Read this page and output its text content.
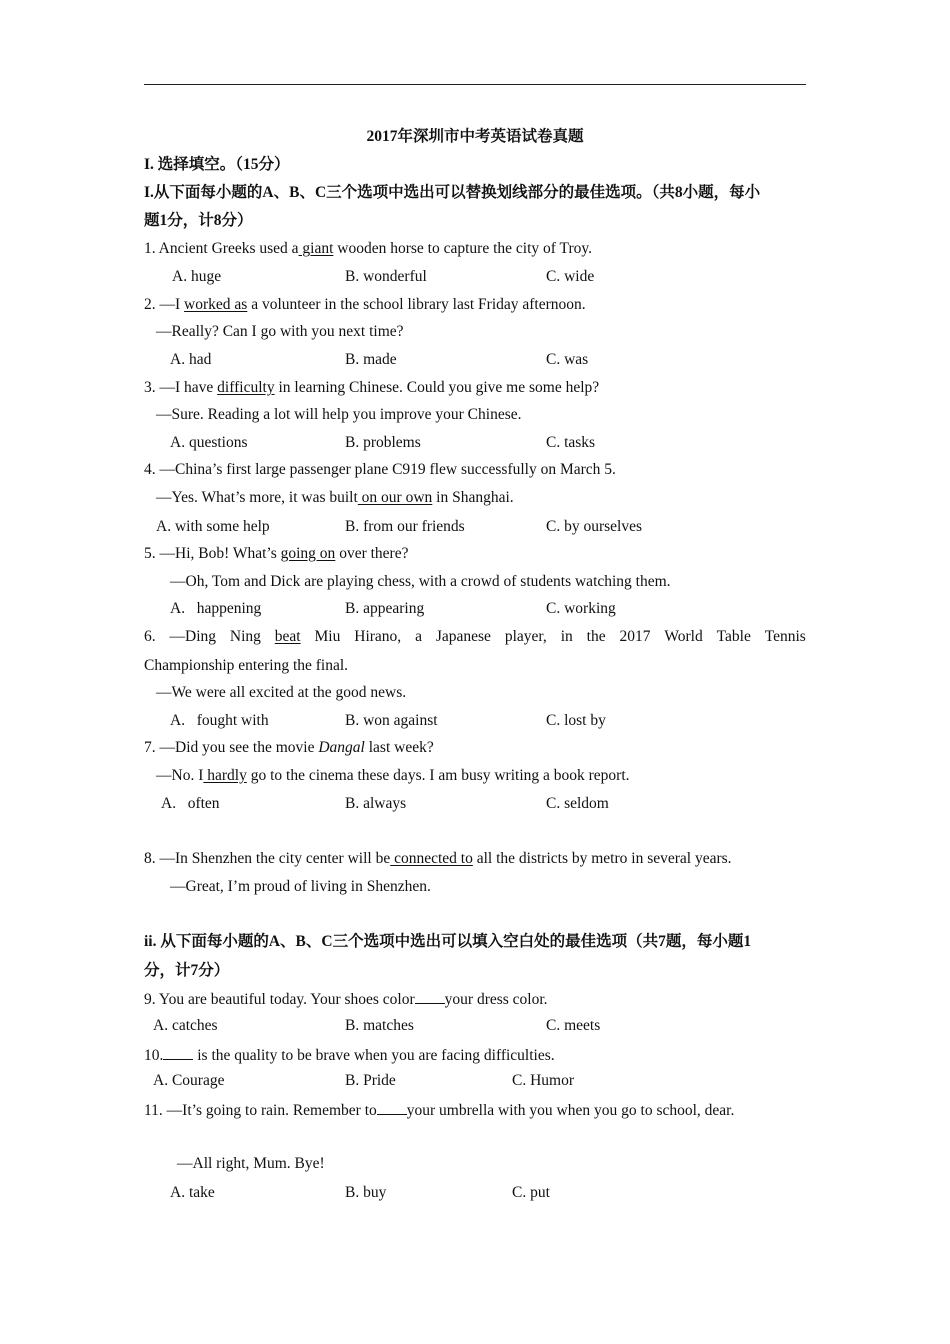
2017年深圳市中考英语试卷真题
I. 选择填空。（15分）
I.从下面每小题的A、B、C三个选项中选出可以替换划线部分的最佳选项。（共8小题，每小
题1分，计8分）
1. Ancient Greeks used a giant wooden horse to capture the city of Troy.
A. huge	B. wonderful	C. wide
2. —I worked as a volunteer in the school library last Friday afternoon.
—Really? Can I go with you next time?
A. had	B. made	C. was
3. —I have difficulty in learning Chinese. Could you give me some help?
—Sure. Reading a lot will help you improve your Chinese.
A. questions	B. problems	C. tasks
4. —China’s first large passenger plane C919 flew successfully on March 5.
—Yes. What’s more, it was built on our own in Shanghai.
A. with some help	B. from our friends	C. by ourselves
5. —Hi, Bob! What’s going on over there?
—Oh, Tom and Dick are playing chess, with a crowd of students watching them.
A.   happening	B. appearing	C. working
6. —Ding Ning beat Miu Hirano, a Japanese player, in the 2017 World Table Tennis
Championship entering the final.
—We were all excited at the good news.
A.   fought with	B. won against	C. lost by
7. —Did you see the movie Dangal last week?
—No. I hardly go to the cinema these days. I am busy writing a book report.
A.   often	B. always	C. seldom
8. —In Shenzhen the city center will be connected to all the districts by metro in several years.
—Great, I’m proud of living in Shenzhen.
ii. 从下面每小题的A、B、C三个选项中选出可以填入空白处的最佳选项（共7题，每小题1
分，计7分）
9. You are beautiful today. Your shoes color your dress color.
A. catches	B. matches	C. meets
10. is the quality to be brave when you are facing difficulties.
A. Courage	B. Pride	C. Humor
11. —It’s going to rain. Remember to your umbrella with you when you go to school, dear.
—All right, Mum. Bye!
A. take	B. buy	C. put
